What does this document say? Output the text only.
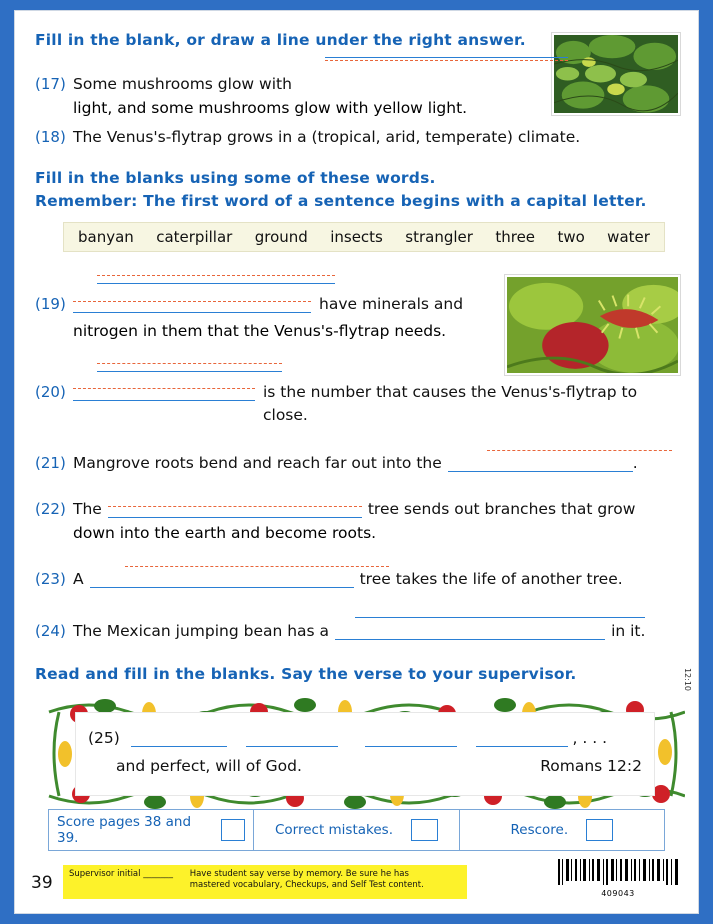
Fill in the blank, or draw a line under the right answer.
(17) Some mushrooms glow with
light, and some mushrooms glow with yellow light.
(18) The Venus's-flytrap grows in a (tropical, arid, temperate) climate.
Fill in the blanks using some of these words.
Remember: The first word of a sentence begins with a capital letter.
banyan caterpillar ground insects strangler three two water
(19)	have minerals and
nitrogen in them that the Venus's-flytrap needs.
(20)	is the number that causes the Venus's-flytrap to close.
(21) Mangrove roots bend and reach far out into the	.
(22) The	tree sends out branches that grow
down into the earth and become roots.
(23) A	tree takes the life of another tree.
(24) The Mexican jumping bean has a	in it.
Read and fill in the blanks. Say the verse to your supervisor.
(25)

	, . . .
and perfect, will of God.	Romans 12:2
Score pages 38 and 39.	Correct mistakes.	Rescore.
39	Supervisor initial _______ Have student say verse by memory. Be sure he has
mastered vocabulary, Checkups, and Self Test content.
409043
12:10
